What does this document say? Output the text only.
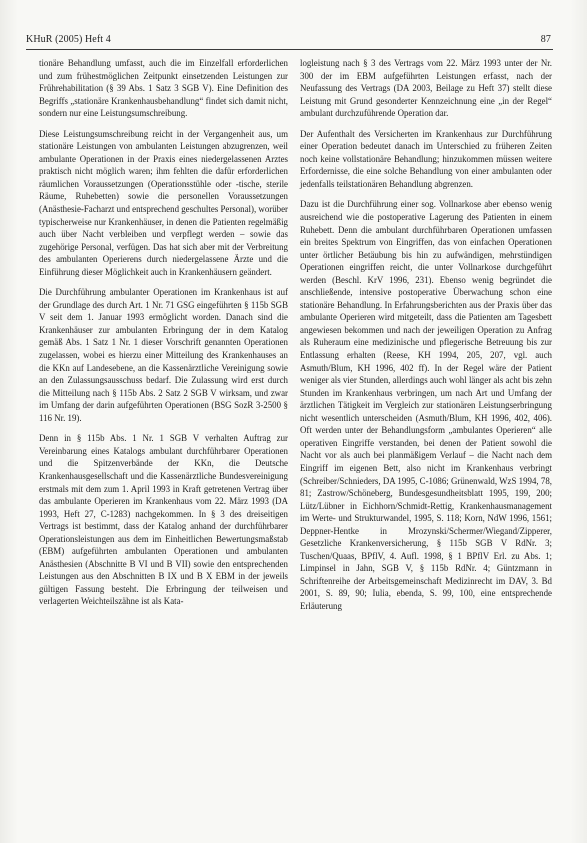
KHuR (2005) Heft 4	87

tionäre Behandlung umfasst, auch die im Einzelfall erforderlichen und zum frühestmöglichen Zeitpunkt einsetzenden Leistungen zur Frührehabilitation (§ 39 Abs. 1 Satz 3 SGB V). Eine Definition des Begriffs „stationäre Krankenhausbehandlung“ findet sich damit nicht, sondern nur eine Leistungsumschreibung.

Diese Leistungsumschreibung reicht in der Vergangenheit aus, um stationäre Leistungen von ambulanten Leistungen abzugrenzen, weil ambulante Operationen in der Praxis eines niedergelassenen Arztes praktisch nicht möglich waren; ihm fehlten die dafür erforderlichen räumlichen Voraussetzungen (Operationsstühle oder -tische, sterile Räume, Ruhebetten) sowie die personellen Voraussetzungen (Anästhesie-Facharzt und entsprechend geschultes Personal), worüber typischerweise nur Krankenhäuser, in denen die Patienten regelmäßig auch über Nacht verbleiben und verpflegt werden – sowie das zugehörige Personal, verfügen. Das hat sich aber mit der Verbreitung des ambulanten Operierens durch niedergelassene Ärzte und die Einführung dieser Möglichkeit auch in Krankenhäusern geändert.

Die Durchführung ambulanter Operationen im Krankenhaus ist auf der Grundlage des durch Art. 1 Nr. 71 GSG eingeführten § 115b SGB V seit dem 1. Januar 1993 ermöglicht worden. Danach sind die Krankenhäuser zur ambulanten Erbringung der in dem Katalog gemäß Abs. 1 Satz 1 Nr. 1 dieser Vorschrift genannten Operationen zugelassen, wobei es hierzu einer Mitteilung des Krankenhauses an die KKn auf Landesebene, an die Kassenärztliche Vereinigung sowie an den Zulassungsausschuss bedarf. Die Zulassung wird erst durch die Mitteilung nach § 115b Abs. 2 Satz 2 SGB V wirksam, und zwar im Umfang der darin aufgeführten Operationen (BSG SozR 3-2500 § 116 Nr. 19).

Denn in § 115b Abs. 1 Nr. 1 SGB V verhalten Auftrag zur Vereinbarung eines Katalogs ambulant durchführbarer Operationen und die Spitzenverbände der KKn, die Deutsche Krankenhausgesellschaft und die Kassenärztliche Bundesvereinigung erstmals mit dem zum 1. April 1993 in Kraft getretenen Vertrag über das ambulante Operieren im Krankenhaus vom 22. März 1993 (DA 1993, Heft 27, C-1283) nachgekommen. In § 3 des dreiseitigen Vertrags ist bestimmt, dass der Katalog anhand der durchführbarer Operationsleistungen aus dem im Einheitlichen Bewertungsmaßstab (EBM) aufgeführten ambulanten Operationen und ambulanten Anästhesien (Abschnitte B VI und B VII) sowie den entsprechenden Leistungen aus den Abschnitten B IX und B X EBM in der jeweils gültigen Fassung besteht. Die Erbringung der teilweisen und verlagerten Weichteilszähne ist als Kata-

logleistung nach § 3 des Vertrags vom 22. März 1993 unter der Nr. 300 der im EBM aufgeführten Leistungen erfasst, nach der Neufassung des Vertrags (DA 2003, Beilage zu Heft 37) stellt diese Leistung mit Grund gesonderter Kennzeichnung eine „in der Regel“ ambulant durchzuführende Operation dar.

Der Aufenthalt des Versicherten im Krankenhaus zur Durchführung einer Operation bedeutet danach im Unterschied zu früheren Zeiten noch keine vollstationäre Behandlung; hinzukommen müssen weitere Erfordernisse, die eine solche Behandlung von einer ambulanten oder jedenfalls teilstationären Behandlung abgrenzen.

Dazu ist die Durchführung einer sog. Vollnarkose aber ebenso wenig ausreichend wie die postoperative Lagerung des Patienten in einem Ruhebett. Denn die ambulant durchführbaren Operationen umfassen ein breites Spektrum von Eingriffen, das von einfachen Operationen unter örtlicher Betäubung bis hin zu aufwändigen, mehrstündigen Operationen eingriffen reicht, die unter Vollnarkose durchgeführt werden (Beschl. KrV 1996, 231). Ebenso wenig begründet die anschließende, intensive postoperative Überwachung schon eine stationäre Behandlung. In Erfahrungsberichten aus der Praxis über das ambulante Operieren wird mitgeteilt, dass die Patienten am Tagesbett angewiesen bekommen und nach der jeweiligen Operation zu Anfrag als Ruheraum eine medizinische und pflegerische Betreuung bis zur Entlassung erhalten (Reese, KH 1994, 205, 207, vgl. auch Asmuth/Blum, KH 1996, 402 ff). In der Regel wäre der Patient weniger als vier Stunden, allerdings auch wohl länger als acht bis zehn Stunden im Krankenhaus verbringen, um nach Art und Umfang der ärztlichen Tätigkeit im Vergleich zur stationären Leistungserbringung nicht wesentlich unterscheiden (Asmuth/Blum, KH 1996, 402, 406). Oft werden unter der Behandlungsform „ambulantes Operieren“ alle operativen Eingriffe verstanden, bei denen der Patient sowohl die Nacht vor als auch bei planmäßigem Verlauf – die Nacht nach dem Eingriff im eigenen Bett, also nicht im Krankenhaus verbringt (Schreiber/Schnieders, DA 1995, C-1086; Grünenwald, WzS 1994, 78, 81; Zastrow/Schöneberg, Bundesgesundheitsblatt 1995, 199, 200; Lütz/Lübner in Eichhorn/Schmidt-Rettig, Krankenhausmanagement im Werte- und Strukturwandel, 1995, S. 118; Korn, NdW 1996, 1561; Deppner-Hentke in Mrozynski/Schermer/Wiegand/Zipperer, Gesetzliche Krankenversicherung, § 115b SGB V RdNr. 3; Tuschen/Quaas, BPflV, 4. Aufl. 1998, § 1 BPflV Erl. zu Abs. 1; Limpinsel in Jahn, SGB V, § 115b RdNr. 4; Güntzmann in Schriftenreihe der Arbeitsgemeinschaft Medizinrecht im DAV, 3. Bd 2001, S. 89, 90; Iulia, ebenda, S. 99, 100, eine entsprechende Erläuterung
